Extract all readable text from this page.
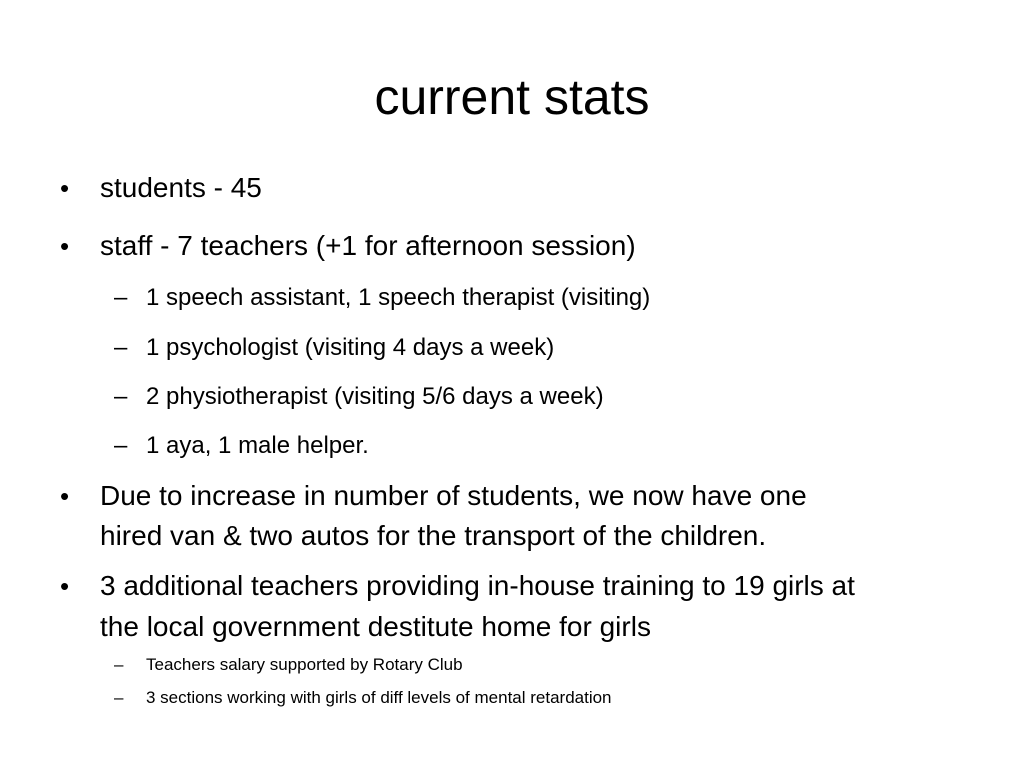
current stats
• students - 45
• staff - 7 teachers (+1 for afternoon session)
– 1 speech assistant, 1 speech therapist (visiting)
– 1 psychologist (visiting 4 days a week)
– 2 physiotherapist (visiting 5/6 days a week)
– 1 aya, 1 male helper.
• Due to increase in number of students, we now have one
hired van & two autos for the transport of the children.
• 3 additional teachers providing in-house training to 19 girls at
the local government destitute home for girls
– Teachers salary supported by Rotary Club
– 3 sections working with girls of diff levels of mental retardation
